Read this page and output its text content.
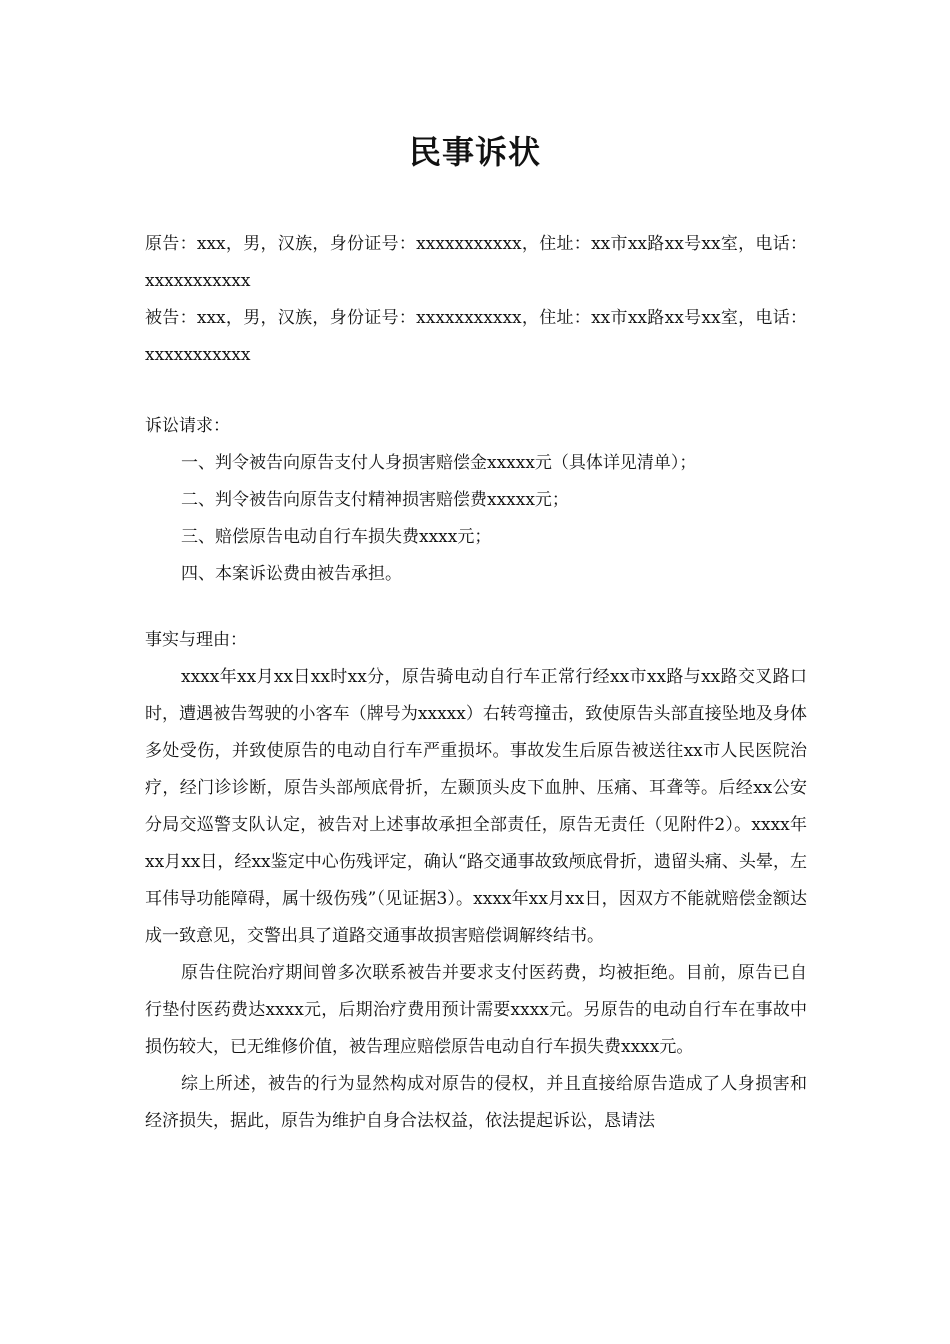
民事诉状

原告：xxx，男，汉族，身份证号：xxxxxxxxxxx，住址：xx市xx路xx号xx室，电话：xxxxxxxxxxx

被告：xxx，男，汉族，身份证号：xxxxxxxxxxx，住址：xx市xx路xx号xx室，电话：xxxxxxxxxxx

诉讼请求：

一、判令被告向原告支付人身损害赔偿金xxxxx元（具体详见清单）；

二、判令被告向原告支付精神损害赔偿费xxxxx元；

三、赔偿原告电动自行车损失费xxxx元；

四、本案诉讼费由被告承担。

事实与理由：

xxxx年xx月xx日xx时xx分，原告骑电动自行车正常行经xx市xx路与xx路交叉路口时，遭遇被告驾驶的小客车（牌号为xxxxx）右转弯撞击，致使原告头部直接坠地及身体多处受伤，并致使原告的电动自行车严重损坏。事故发生后原告被送往xx市人民医院治疗，经门诊诊断，原告头部颅底骨折，左颞顶头皮下血肿、压痛、耳聋等。后经xx公安分局交巡警支队认定，被告对上述事故承担全部责任，原告无责任（见附件2）。xxxx年xx月xx日，经xx鉴定中心伤残评定，确认“路交通事故致颅底骨折，遗留头痛、头晕，左耳伟导功能障碍，属十级伤残”（见证据3）。xxxx年xx月xx日，因双方不能就赔偿金额达成一致意见，交警出具了道路交通事故损害赔偿调解终结书。

原告住院治疗期间曾多次联系被告并要求支付医药费，均被拒绝。目前，原告已自行垫付医药费达xxxx元，后期治疗费用预计需要xxxx元。另原告的电动自行车在事故中损伤较大，已无维修价值，被告理应赔偿原告电动自行车损失费xxxx元。

综上所述，被告的行为显然构成对原告的侵权，并且直接给原告造成了人身损害和经济损失，据此，原告为维护自身合法权益，依法提起诉讼，恳请法
